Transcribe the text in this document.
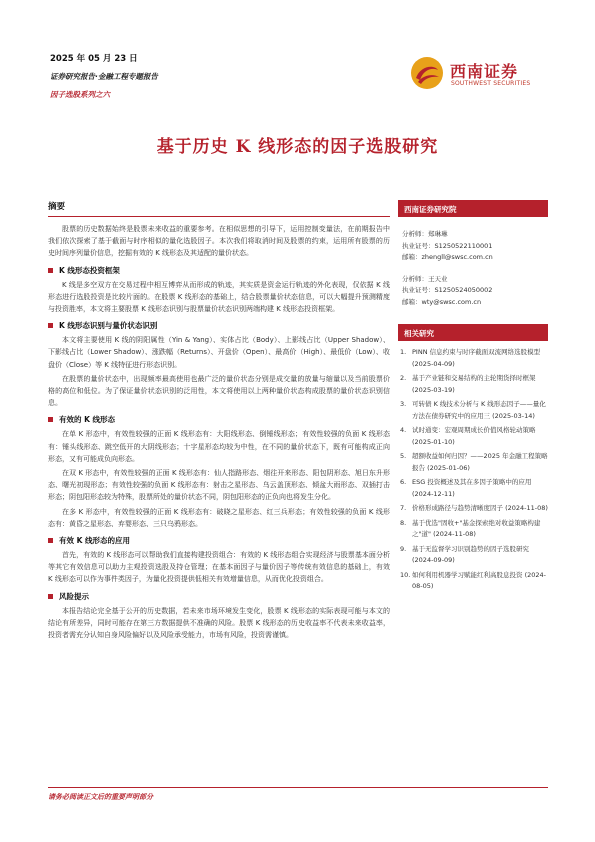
2025 年 05 月 23 日
证券研究报告·金融工程专题报告
因子选股系列之六
西南证券
SOUTHWEST SECURITIES
基于历史 K 线形态的因子选股研究
摘要
股票的历史数据始终是股票未来收益的重要参考。在相似思想的引导下，运用控制变量法，在前期报告中我们依次探索了基于截面与时序相似的量化选股因子。本次我们将取消时间及股票的约束，运用所有股票的历史时间序列量价信息，挖掘有效的 K 线形态及其适配的量价状态。
K 线形态投资框架
K 线是多空双方在交易过程中相互博弈从而形成的轨迹，其实质是资金运行轨迹的外化表现，仅依据 K 线形态进行选股投资是比较片面的。在股票 K 线形态的基础上，结合股票量价状态信息，可以大幅提升预测精度与投资胜率，本文将主要股票 K 线形态识别与股票量价状态识别两端构建 K 线形态投资框架。
K 线形态识别与量价状态识别
本文将主要使用 K 线的阴阳属性（Yin & Yang）、实体占比（Body）、上影线占比（Upper Shadow）、下影线占比（Lower Shadow）、涨跌幅（Returns）、开盘价（Open）、最高价（High）、最低价（Low）、收盘价（Close）等 K 线特征进行形态识别。
在股票的量价状态中，出现频率最高使用也最广泛的量价状态分别是成交量的放量与缩量以及当前股票价格的高位和低位。为了保证量价状态识别的泛用性，本文将使用以上两种量价状态构成股票的量价状态识别信息。
有效的 K 线形态
在单 K 形态中，有效性较强的正面 K 线形态有：大阳线形态、倒锤线形态；有效性较强的负面 K 线形态有：锤头线形态、跳空低开的大阴线形态；十字星形态均较为中性，在不同的量价状态下，既有可能构成正向形态，又有可能成负向形态。
在双 K 形态中，有效性较强的正面 K 线形态有：仙人指路形态、烟往开来形态、阳包阴形态、旭日东升形态、曙光初现形态；有效性较强的负面 K 线形态有：射击之星形态、乌云盖顶形态、倾盆大雨形态、双插打击形态；阴包阳形态较为特殊，股票所处的量价状态不同，阴包阳形态的正负向也将发生分化。
在多 K 形态中，有效性较强的正面 K 线形态有：破晓之星形态、红三兵形态；有效性较强的负面 K 线形态有：黄昏之星形态、弃婴形态、三只乌鸦形态。
有效 K 线形态的应用
首先，有效的 K 线形态可以帮助我们直接构建投资组合：有效的 K 线形态组合实现经济与股票基本面分析等其它有效信息可以助力主观投资选股及持仓管理；在基本面因子与量价因子等传统有效信息的基础上，有效 K 线形态可以作为事件类因子，为量化投资提供低相关有效增量信息，从而优化投资组合。
风险提示
本报告结论完全基于公开的历史数据，若未来市场环境发生变化，股票 K 线形态的实际表现可能与本文的结论有所差异，同时可能存在第三方数据提供不准确的风险。股票 K 线形态的历史收益率不代表未来收益率，投资者需充分认知自身风险偏好以及风险承受能力，市场有风险，投资需谨慎。
西南证券研究院
分析师：郑琳琳
执业证号：S1250522110001
邮箱：zhengll@swsc.com.cn
分析师：王天业
执业证号：S1250524050002
邮箱：wty@swsc.com.cn
相关研究
1. PINN 信息约束与时序截面双流网络选股模型 (2025-04-09)
2. 基于产业链和交易结构的主轮期货择时框架 (2025-03-19)
3. 可转债 K 线技术分析与 K 线形态因子——量化方法在债券研究中的应用三 (2025-03-14)
4. 试时通变：宏观周期成长价值风格轮动策略 (2025-01-10)
5. 超额收益如何归因？——2025 年金融工程策略报告 (2025-01-06)
6. ESG 投资概述及其在多因子策略中的应用 (2024-12-11)
7. 价格形成路径与趋势清晰度因子 (2024-11-08)
8. 基于优选"固收+"基金探索绝对收益策略构建之"道" (2024-11-08)
9. 基于无监督学习识别趋势的因子选股研究 (2024-09-09)
10. 如何利用机器学习赋能红利高股息投资 (2024-08-05)
请务必阅读正文后的重要声明部分
